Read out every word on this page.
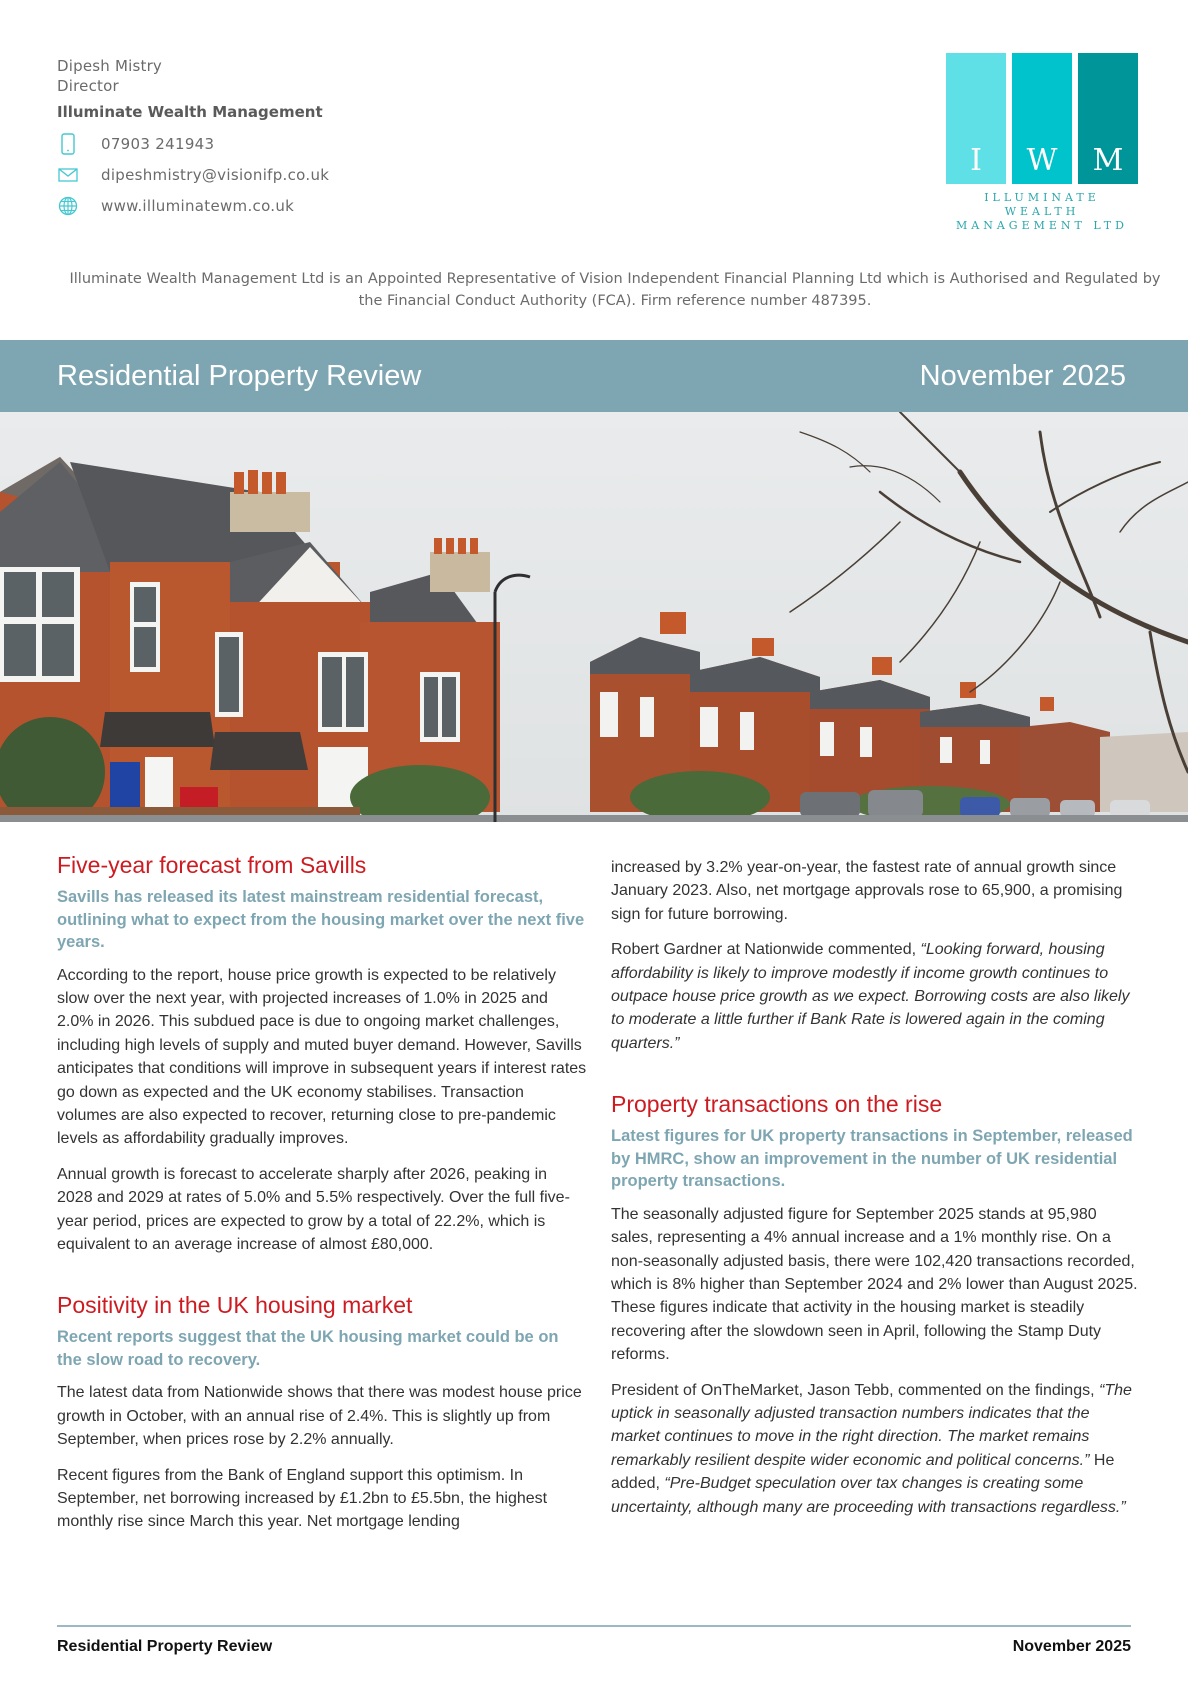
Dipesh Mistry
Director
Illuminate Wealth Management
07903 241943
dipeshmistry@visionifp.co.uk
www.illuminatewm.co.uk
I	W	M
ILLUMINATE WEALTH
MANAGEMENT LTD
Illuminate Wealth Management Ltd is an Appointed Representative of Vision Independent Financial Planning Ltd which is Authorised and Regulated by the Financial Conduct Authority (FCA). Firm reference number 487395.
Residential Property Review	November 2025
Five-year forecast from Savills

Savills has released its latest mainstream residential forecast, outlining what to expect from the housing market over the next five years.

According to the report, house price growth is expected to be relatively slow over the next year, with projected increases of 1.0% in 2025 and 2.0% in 2026. This subdued pace is due to ongoing market challenges, including high levels of supply and muted buyer demand. However, Savills anticipates that conditions will improve in subsequent years if interest rates go down as expected and the UK economy stabilises. Transaction volumes are also expected to recover, returning close to pre-pandemic levels as affordability gradually improves.

Annual growth is forecast to accelerate sharply after 2026, peaking in 2028 and 2029 at rates of 5.0% and 5.5% respectively. Over the full five-year period, prices are expected to grow by a total of 22.2%, which is equivalent to an average increase of almost £80,000.

Positivity in the UK housing market

Recent reports suggest that the UK housing market could be on the slow road to recovery.

The latest data from Nationwide shows that there was modest house price growth in October, with an annual rise of 2.4%. This is slightly up from September, when prices rose by 2.2% annually.

Recent figures from the Bank of England support this optimism. In September, net borrowing increased by £1.2bn to £5.5bn, the highest monthly rise since March this year. Net mortgage lending

increased by 3.2% year-on-year, the fastest rate of annual growth since January 2023. Also, net mortgage approvals rose to 65,900, a promising sign for future borrowing.

Robert Gardner at Nationwide commented, “Looking forward, housing affordability is likely to improve modestly if income growth continues to outpace house price growth as we expect. Borrowing costs are also likely to moderate a little further if Bank Rate is lowered again in the coming quarters.”

Property transactions on the rise

Latest figures for UK property transactions in September, released by HMRC, show an improvement in the number of UK residential property transactions.

The seasonally adjusted figure for September 2025 stands at 95,980 sales, representing a 4% annual increase and a 1% monthly rise. On a non-seasonally adjusted basis, there were 102,420 transactions recorded, which is 8% higher than September 2024 and 2% lower than August 2025. These figures indicate that activity in the housing market is steadily recovering after the slowdown seen in April, following the Stamp Duty reforms.

President of OnTheMarket, Jason Tebb, commented on the findings, “The uptick in seasonally adjusted transaction numbers indicates that the market continues to move in the right direction. The market remains remarkably resilient despite wider economic and political concerns.” He added, “Pre-Budget speculation over tax changes is creating some uncertainty, although many are proceeding with transactions regardless.”

Residential Property Review	November 2025
